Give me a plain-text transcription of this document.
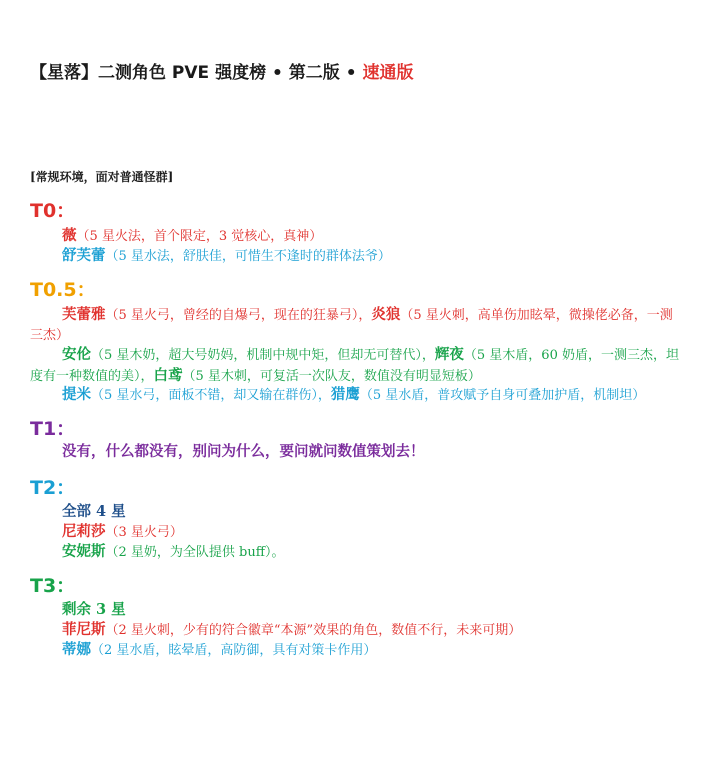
【星落】二测角色 PVE 强度榜 • 第二版 • 速通版
[常规环境，面对普通怪群]
T0：
薇（5 星火法，首个限定，3 觉核心，真神）
舒芙蕾（5 星水法，舒肤佳，可惜生不逢时的群体法爷）
T0.5：
芙蕾雅（5 星火弓，曾经的自爆弓，现在的狂暴弓），炎狼（5 星火刺，高单伤加眩晕，微操佬必备，一测三杰）
安伦（5 星木奶，超大号奶妈，机制中规中矩，但却无可替代），辉夜（5 星木盾，60 奶盾，一测三杰，坦度有一种数值的美），白鸢（5 星木刺，可复活一次队友，数值没有明显短板）
提米（5 星水弓，面板不错，却又输在群伤），猎鹰（5 星水盾，普攻赋予自身可叠加护盾，机制坦）
T1：
没有，什么都没有，别问为什么，要问就问数值策划去！
T2：
全部 4 星
尼莉莎（3 星火弓）
安妮斯（2 星奶，为全队提供 buff）。
T3：
剩余 3 星
菲尼斯（2 星火刺，少有的符合徽章“本源”效果的角色，数值不行，未来可期）
蒂娜（2 星水盾，眩晕盾，高防御，具有对策卡作用）
